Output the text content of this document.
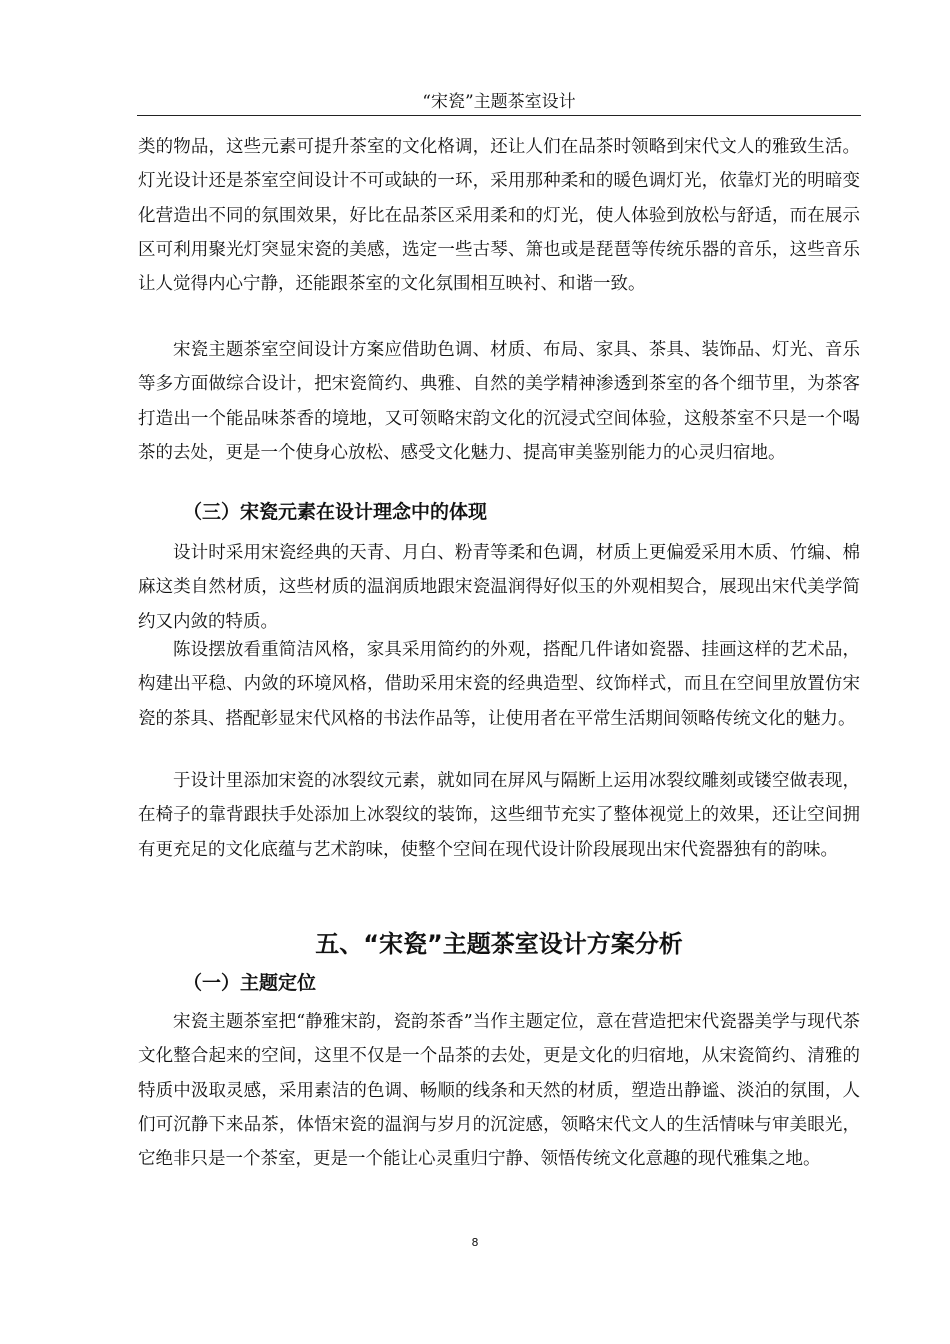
“宋瓷”主题茶室设计

类的物品，这些元素可提升茶室的文化格调，还让人们在品茶时领略到宋代文人的雅致生活。灯光设计还是茶室空间设计不可或缺的一环，采用那种柔和的暖色调灯光，依靠灯光的明暗变化营造出不同的氛围效果，好比在品茶区采用柔和的灯光，使人体验到放松与舒适，而在展示区可利用聚光灯突显宋瓷的美感，选定一些古琴、箫也或是琵琶等传统乐器的音乐，这些音乐让人觉得内心宁静，还能跟茶室的文化氛围相互映衬、和谐一致。

宋瓷主题茶室空间设计方案应借助色调、材质、布局、家具、茶具、装饰品、灯光、音乐等多方面做综合设计，把宋瓷简约、典雅、自然的美学精神渗透到茶室的各个细节里，为茶客打造出一个能品味茶香的境地，又可领略宋韵文化的沉浸式空间体验，这般茶室不只是一个喝茶的去处，更是一个使身心放松、感受文化魅力、提高审美鉴别能力的心灵归宿地。

（三）宋瓷元素在设计理念中的体现

设计时采用宋瓷经典的天青、月白、粉青等柔和色调，材质上更偏爱采用木质、竹编、棉麻这类自然材质，这些材质的温润质地跟宋瓷温润得好似玉的外观相契合，展现出宋代美学简约又内敛的特质。

陈设摆放看重简洁风格，家具采用简约的外观，搭配几件诸如瓷器、挂画这样的艺术品，构建出平稳、内敛的环境风格，借助采用宋瓷的经典造型、纹饰样式，而且在空间里放置仿宋瓷的茶具、搭配彰显宋代风格的书法作品等，让使用者在平常生活期间领略传统文化的魅力。

于设计里添加宋瓷的冰裂纹元素，就如同在屏风与隔断上运用冰裂纹雕刻或镂空做表现，在椅子的靠背跟扶手处添加上冰裂纹的装饰，这些细节充实了整体视觉上的效果，还让空间拥有更充足的文化底蕴与艺术韵味，使整个空间在现代设计阶段展现出宋代瓷器独有的韵味。

五、“宋瓷”主题茶室设计方案分析
（一）主题定位

宋瓷主题茶室把“静雅宋韵，瓷韵茶香”当作主题定位，意在营造把宋代瓷器美学与现代茶文化整合起来的空间，这里不仅是一个品茶的去处，更是文化的归宿地，从宋瓷简约、清雅的特质中汲取灵感，采用素洁的色调、畅顺的线条和天然的材质，塑造出静谧、淡泊的氛围，人们可沉静下来品茶，体悟宋瓷的温润与岁月的沉淀感，领略宋代文人的生活情味与审美眼光，它绝非只是一个茶室，更是一个能让心灵重归宁静、领悟传统文化意趣的现代雅集之地。

8
